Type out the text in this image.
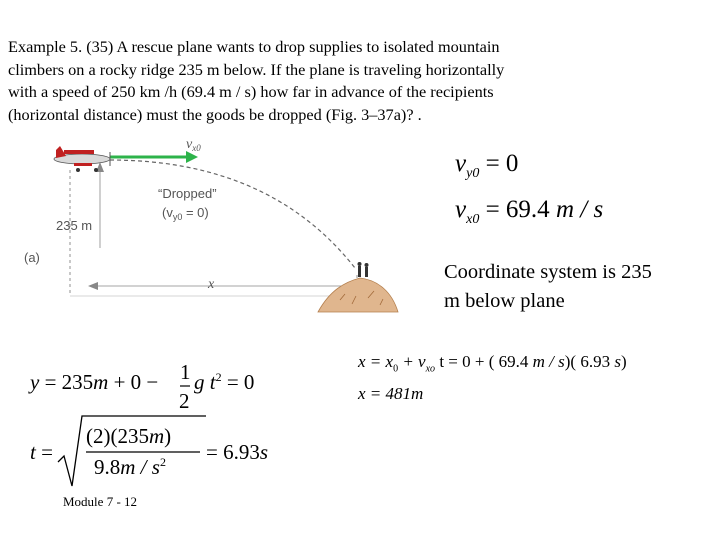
Example 5. (35) A rescue plane wants to drop supplies to isolated mountain

climbers on a rocky ridge 235 m below. If the plane is traveling horizontally

with a speed of 250 km /h (69.4 m / s) how far in advance of the recipients

(horizontal distance) must the goods be dropped (Fig. 3–37a)? .

$v_{x0}$
“Dropped”
$(v_{y0} = 0)$
235 m
(a)
x
$v_{y0} = 0$
$v_{x0} = 69.4$ m / s

Coordinate system is 235

m below plane

y = 235m + 0 − 1
2
g $t^2 = 0$
t =
(2)(235m)
$9.8m / s^2 = 6.93s$
$x = x_0 + v_{xo}$ t = 0 + ( 69.4 m / s)( 6.93 s)
x = 481m
Module 7 - 12
